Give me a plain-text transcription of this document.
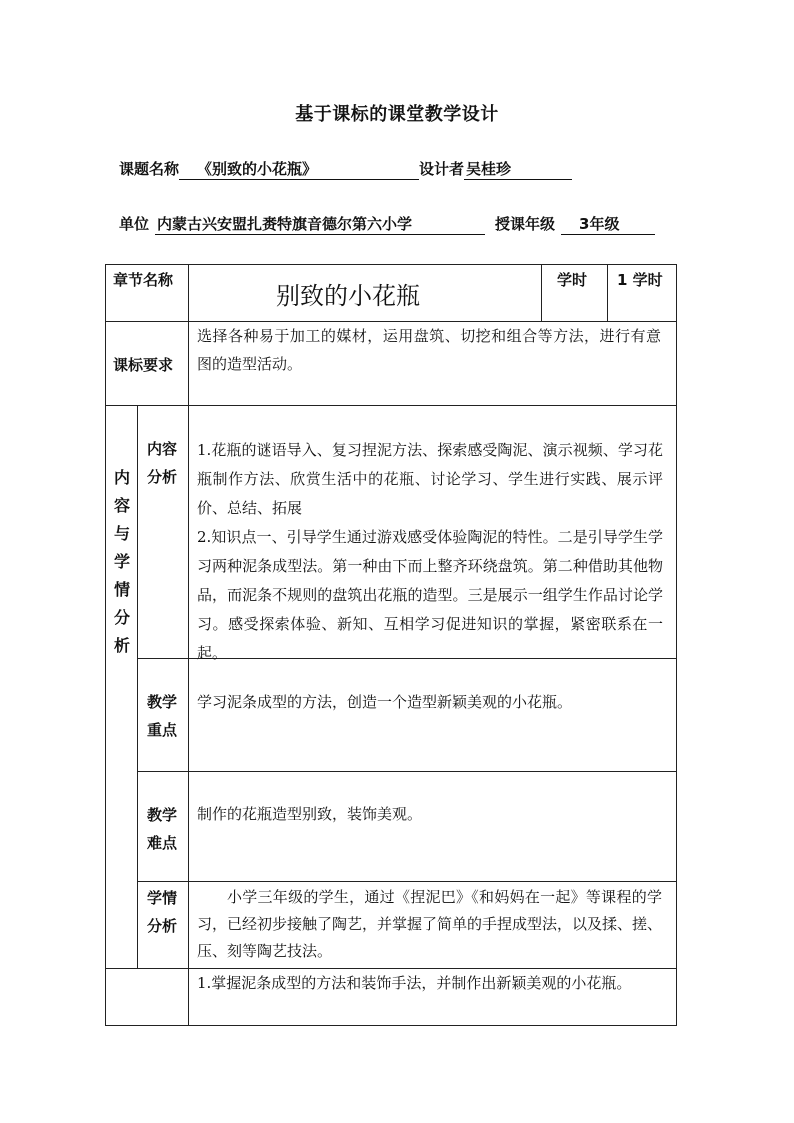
基于课标的课堂教学设计
课题名称 《别致的小花瓶》	设计者 吴桂珍
单位 内蒙古兴安盟扎赉特旗音德尔第六小学	授课年级 3年级
章节名称
别致的小花瓶
学时 1 学时
课标要求
选择各种易于加工的媒材，运用盘筑、切挖和组合等方法，进行有意图的造型活动。
内容与学情分析
内容分析
1.花瓶的谜语导入、复习捏泥方法、探索感受陶泥、演示视频、学习花瓶制作方法、欣赏生活中的花瓶、讨论学习、学生进行实践、展示评价、总结、拓展
2.知识点一、引导学生通过游戏感受体验陶泥的特性。二是引导学生学习两种泥条成型法。第一种由下而上整齐环绕盘筑。第二种借助其他物品，而泥条不规则的盘筑出花瓶的造型。三是展示一组学生作品讨论学习。感受探索体验、新知、互相学习促进知识的掌握，紧密联系在一起。
教学重点
学习泥条成型的方法，创造一个造型新颖美观的小花瓶。
教学难点
制作的花瓶造型别致，装饰美观。
学情分析
小学三年级的学生，通过《捏泥巴》《和妈妈在一起》等课程的学习，已经初步接触了陶艺，并掌握了简单的手捏成型法，以及揉、搓、压、刻等陶艺技法。
1.掌握泥条成型的方法和装饰手法，并制作出新颖美观的小花瓶。
